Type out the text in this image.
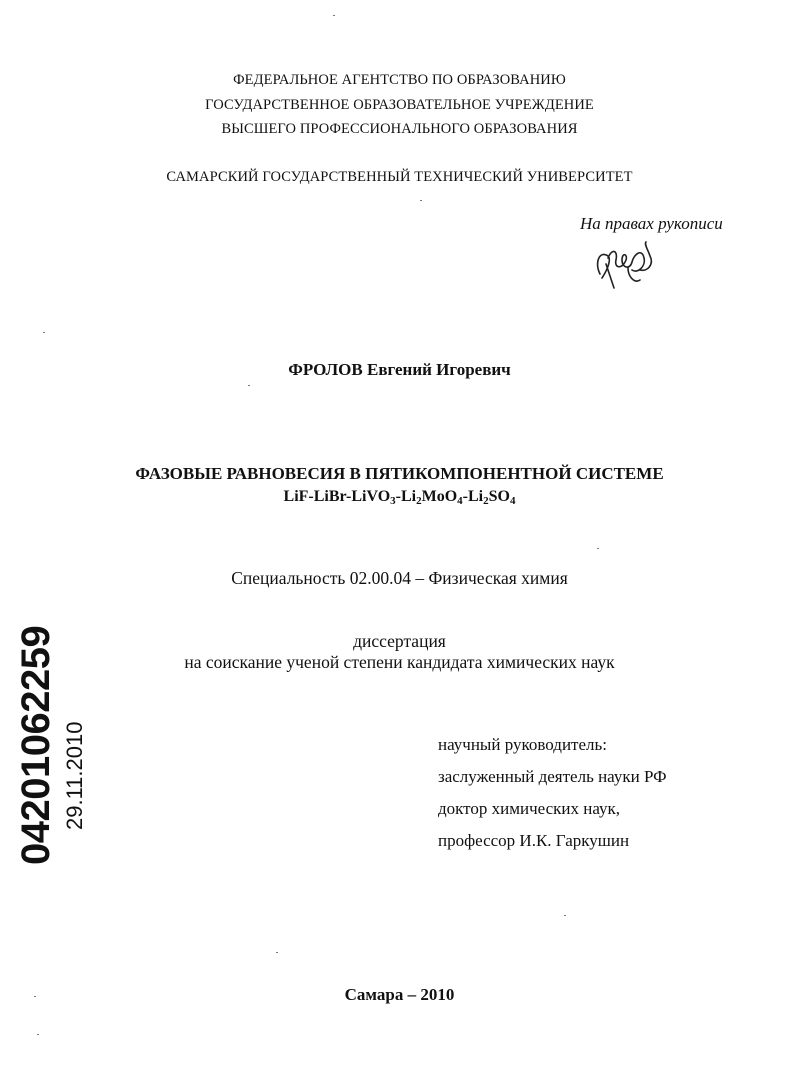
ФЕДЕРАЛЬНОЕ АГЕНТСТВО ПО ОБРАЗОВАНИЮ
ГОСУДАРСТВЕННОЕ ОБРАЗОВАТЕЛЬНОЕ УЧРЕЖДЕНИЕ
ВЫСШЕГО ПРОФЕССИОНАЛЬНОГО ОБРАЗОВАНИЯ
САМАРСКИЙ ГОСУДАРСТВЕННЫЙ ТЕХНИЧЕСКИЙ УНИВЕРСИТЕТ
На правах рукописи
ФРОЛОВ Евгений Игоревич
ФАЗОВЫЕ РАВНОВЕСИЯ В ПЯТИКОМПОНЕНТНОЙ СИСТЕМЕ
LiF-$LiBr-LiVO_3-Li_2MoO_4-Li_2SO_4$
Специальность 02.00.04 – Физическая химия
диссертация
на соискание ученой степени кандидата химических наук
научный руководитель:
заслуженный деятель науки РФ
доктор химических наук,
профессор И.К. Гаркушин
Самара – 2010
04201062259 29.11.2010
